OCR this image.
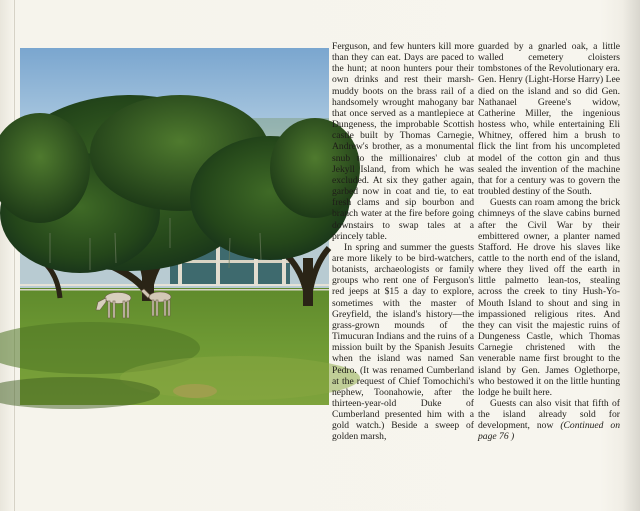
Ferguson, and few hunters kill more than they can eat. Days are paced to the hunt; at noon hunters pour their own drinks and rest their marsh-muddy boots on the brass rail of a handsomely wrought mahogany bar that once served as a mantlepiece at Dungeness, the improbable Scottish castle built by Thomas Carnegie, Andrew's brother, as a monumental snub to the millionaires' club at Jekyll Island, from which he was excluded. At six they gather again, garbed now in coat and tie, to eat fresh clams and sip bourbon and branch water at the fire before going downstairs to swap tales at a princely table.

In spring and summer the guests are more likely to be bird-watchers, botanists, archaeologists or family groups who rent one of Ferguson's red jeeps at $15 a day to explore, sometimes with the master of Greyfield, the island's history—the grass-grown mounds of the Timucuran Indians and the ruins of a mission built by the Spanish Jesuits when the island was named San Pedro. (It was renamed Cumberland at the request of Chief Tomochichi's nephew, Toonahowie, after the thirteen-year-old Duke of Cumberland presented him with a gold watch.) Beside a sweep of golden marsh,

guarded by a gnarled oak, a little walled cemetery cloisters tombstones of the Revolutionary era. Gen. Henry (Light-Horse Harry) Lee died on the island and so did Gen. Nathanael Greene's widow, Catherine Miller, the ingenious hostess who, while entertaining Eli Whitney, offered him a brush to flick the lint from his uncompleted model of the cotton gin and thus sealed the invention of the machine that for a century was to govern the troubled destiny of the South.

Guests can roam among the brick chimneys of the slave cabins burned after the Civil War by their embittered owner, a planter named Stafford. He drove his slaves like cattle to the north end of the island, where they lived off the earth in little palmetto lean-tos, stealing across the creek to tiny Hush-Yo-Mouth Island to shout and sing in impassioned religious rites. And they can visit the majestic ruins of Dungeness Castle, which Thomas Carnegie christened with the venerable name first brought to the island by Gen. James Oglethorpe, who bestowed it on the little hunting lodge he built here.

Guests can also visit that fifth of the island already sold for development, now (Continued on page 76 )
